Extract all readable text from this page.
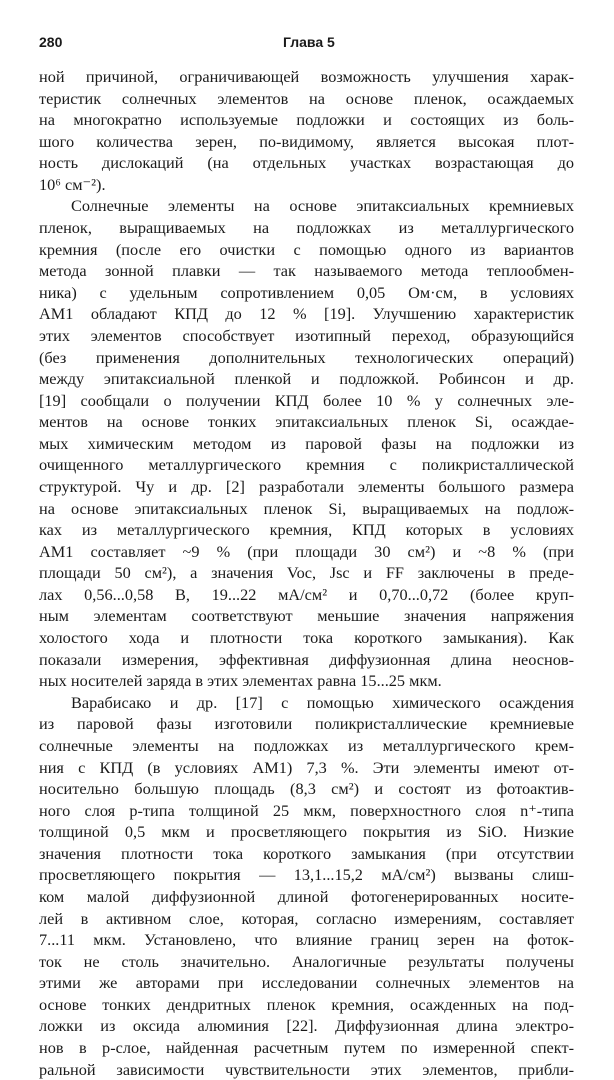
280	Глава 5
ной причиной, ограничивающей возможность улучшения харак-
теристик солнечных элементов на основе пленок, осаждаемых
на многократно используемые подложки и состоящих из боль-
шого количества зерен, по-видимому, является высокая плот-
ность дислокаций (на отдельных участках возрастающая до
10⁶ см⁻²).
Солнечные элементы на основе эпитаксиальных кремниевых
пленок, выращиваемых на подложках из металлургического
кремния (после его очистки с помощью одного из вариантов
метода зонной плавки — так называемого метода теплообмен-
ника) с удельным сопротивлением 0,05 Ом·см, в условиях
АМ1 обладают КПД до 12 % [19]. Улучшению характеристик
этих элементов способствует изотипный переход, образующийся
(без применения дополнительных технологических операций)
между эпитаксиальной пленкой и подложкой. Робинсон и др.
[19] сообщали о получении КПД более 10 % у солнечных эле-
ментов на основе тонких эпитаксиальных пленок Si, осаждае-
мых химическим методом из паровой фазы на подложки из
очищенного металлургического кремния с поликристаллической
структурой. Чу и др. [2] разработали элементы большого размера
на основе эпитаксиальных пленок Si, выращиваемых на подлож-
ках из металлургического кремния, КПД которых в условиях
АМ1 составляет ~9 % (при площади 30 см²) и ~8 % (при
площади 50 см²), а значения Voc, Jsc и FF заключены в преде-
лах 0,56...0,58 В, 19...22 мА/см² и 0,70...0,72 (более круп-
ным элементам соответствуют меньшие значения напряжения
холостого хода и плотности тока короткого замыкания). Как
показали измерения, эффективная диффузионная длина неоснов-
ных носителей заряда в этих элементах равна 15...25 мкм.
Варабисако и др. [17] с помощью химического осаждения
из паровой фазы изготовили поликристаллические кремниевые
солнечные элементы на подложках из металлургического крем-
ния с КПД (в условиях АМ1) 7,3 %. Эти элементы имеют от-
носительно большую площадь (8,3 см²) и состоят из фотоактив-
ного слоя p-типа толщиной 25 мкм, поверхностного слоя n⁺-типа
толщиной 0,5 мкм и просветляющего покрытия из SiO. Низкие
значения плотности тока короткого замыкания (при отсутствии
просветляющего покрытия — 13,1...15,2 мА/см²) вызваны слиш-
ком малой диффузионной длиной фотогенерированных носите-
лей в активном слое, которая, согласно измерениям, составляет
7...11 мкм. Установлено, что влияние границ зерен на фоток-
ток не столь значительно. Аналогичные результаты получены
этими же авторами при исследовании солнечных элементов на
основе тонких дендритных пленок кремния, осажденных на под-
ложки из оксида алюминия [22]. Диффузионная длина электро-
нов в p-слое, найденная расчетным путем по измеренной спект-
ральной зависимости чувствительности этих элементов, прибли-
